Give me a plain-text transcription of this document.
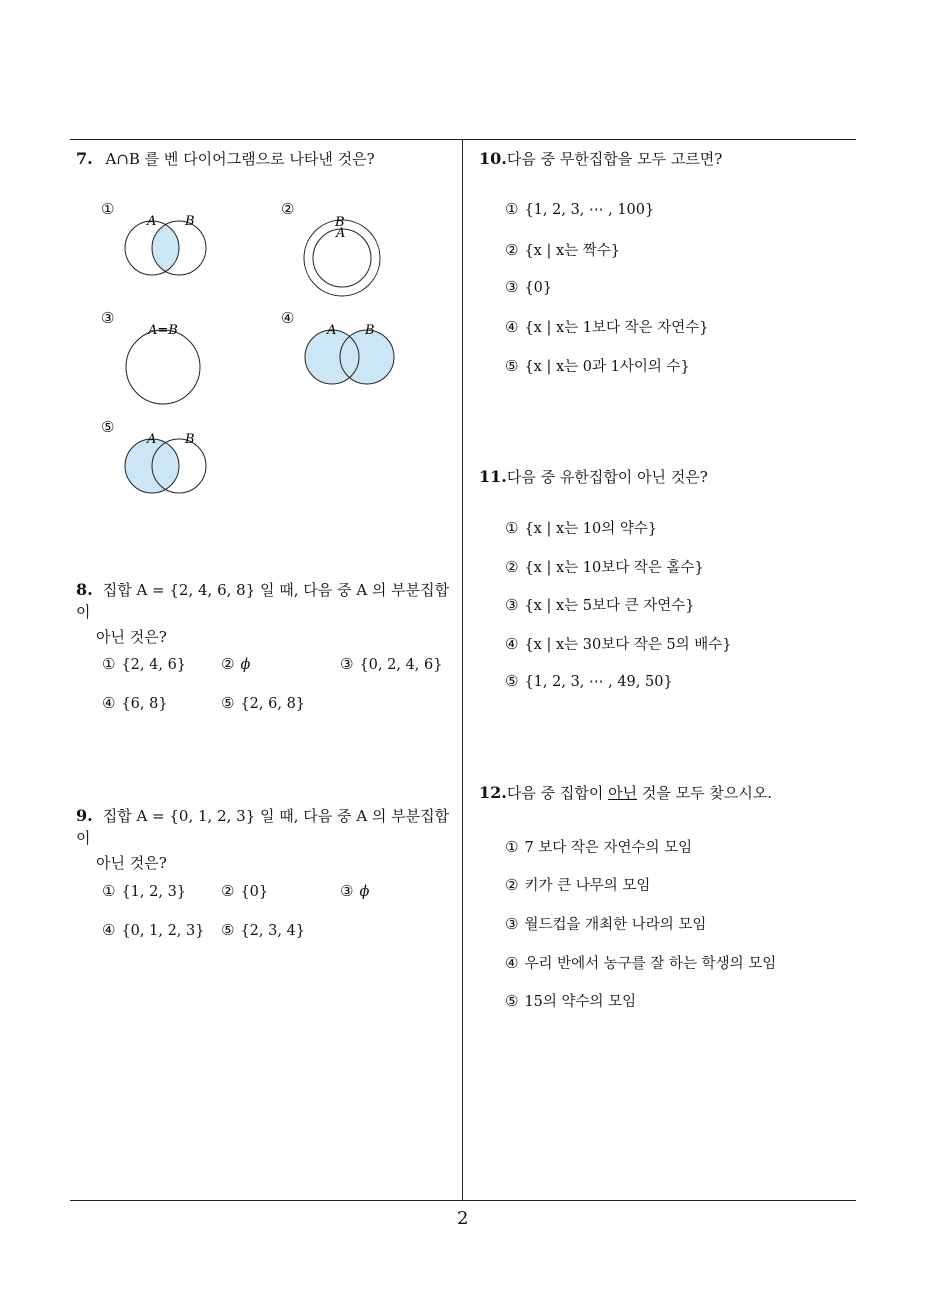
7. A∩B 를 벤 다이어그램으로 나타낸 것은?
①
A B
②
B
A
③
A=B
④
A B
⑤
A B
8. 집합 A = {2, 4, 6, 8} 일 때, 다음 중 A 의 부분집합이
아닌 것은?
① {2, 4, 6} ② ϕ	③ {0, 2, 4, 6}
④ {6, 8}	⑤ {2, 6, 8}
9. 집합 A = {0, 1, 2, 3} 일 때, 다음 중 A 의 부분집합이
아닌 것은?
① {1, 2, 3} ② {0}	③ ϕ
④ {0, 1, 2, 3} ⑤ {2, 3, 4}
10.다음 중 무한집합을 모두 고르면?
① {1, 2, 3, ⋯ , 100}
② {x | x는 짝수}
③ {0}
④ {x | x는 1보다 작은 자연수}
⑤ {x | x는 0과 1사이의 수}
11.다음 중 유한집합이 아닌 것은?
① {x | x는 10의 약수}
② {x | x는 10보다 작은 홀수}
③ {x | x는 5보다 큰 자연수}
④ {x | x는 30보다 작은 5의 배수}
⑤ {1, 2, 3, ⋯ , 49, 50}
12.다음 중 집합이 아닌 것을 모두 찾으시오.
① 7 보다 작은 자연수의 모임
② 키가 큰 나무의 모임
③ 월드컵을 개최한 나라의 모임
④ 우리 반에서 농구를 잘 하는 학생의 모임
⑤ 15의 약수의 모임
2
